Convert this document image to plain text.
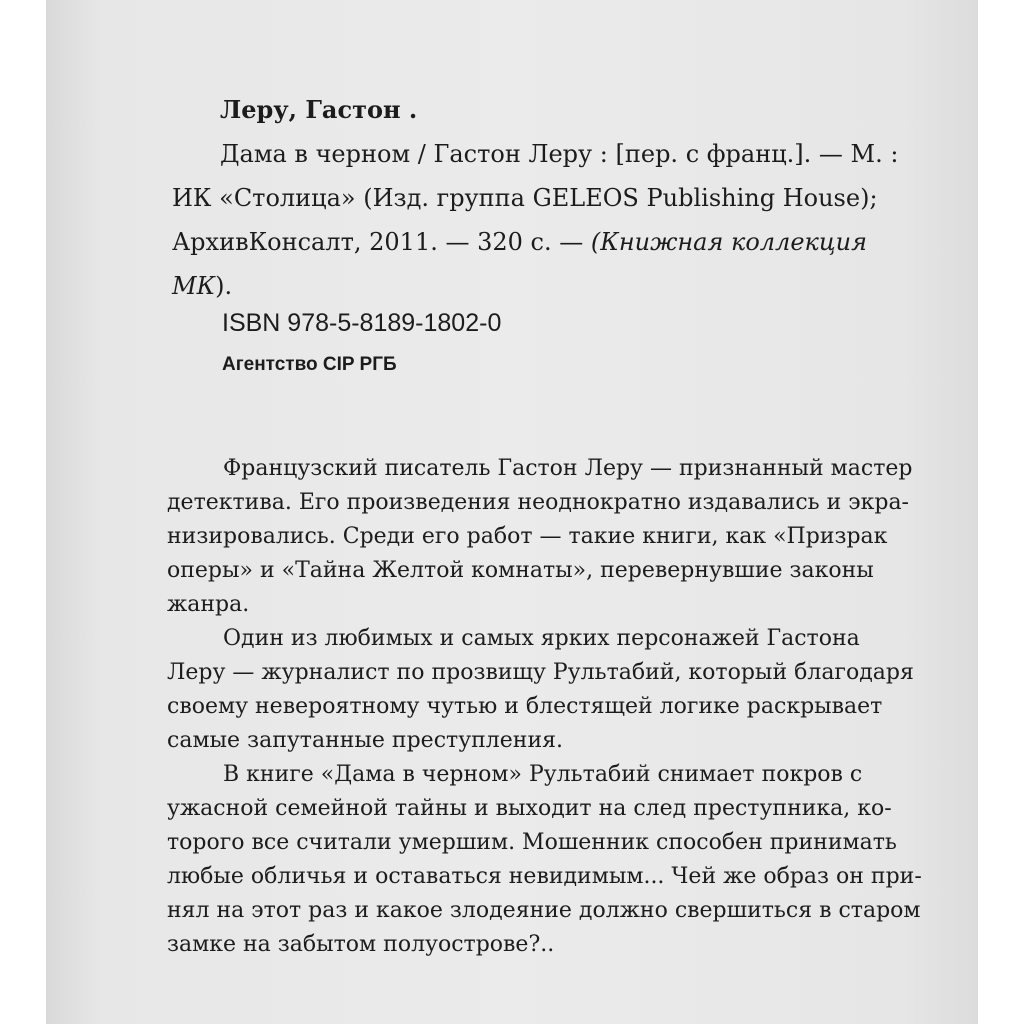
Леру, Гастон .
Дама в черном / Гастон Леру : [пер. с франц.]. — М. :
ИК «Столица» (Изд. группа GELEOS Publishing House);
АрхивКонсалт, 2011. — 320 с. — (Книжная коллекция
МК).
ISBN 978-5-8189-1802-0
Агентство CIP РГБ
Французский писатель Гастон Леру — признанный мастер
детектива. Его произведения неоднократно издавались и экра-
низировались. Среди его работ — такие книги, как «Призрак
оперы» и «Тайна Желтой комнаты», перевернувшие законы
жанра.
Один из любимых и самых ярких персонажей Гастона
Леру — журналист по прозвищу Рультабий, который благодаря
своему невероятному чутью и блестящей логике раскрывает
самые запутанные преступления.
В книге «Дама в черном» Рультабий снимает покров с
ужасной семейной тайны и выходит на след преступника, ко-
торого все считали умершим. Мошенник способен принимать
любые обличья и оставаться невидимым... Чей же образ он при-
нял на этот раз и какое злодеяние должно свершиться в старом
замке на забытом полуострове?..
